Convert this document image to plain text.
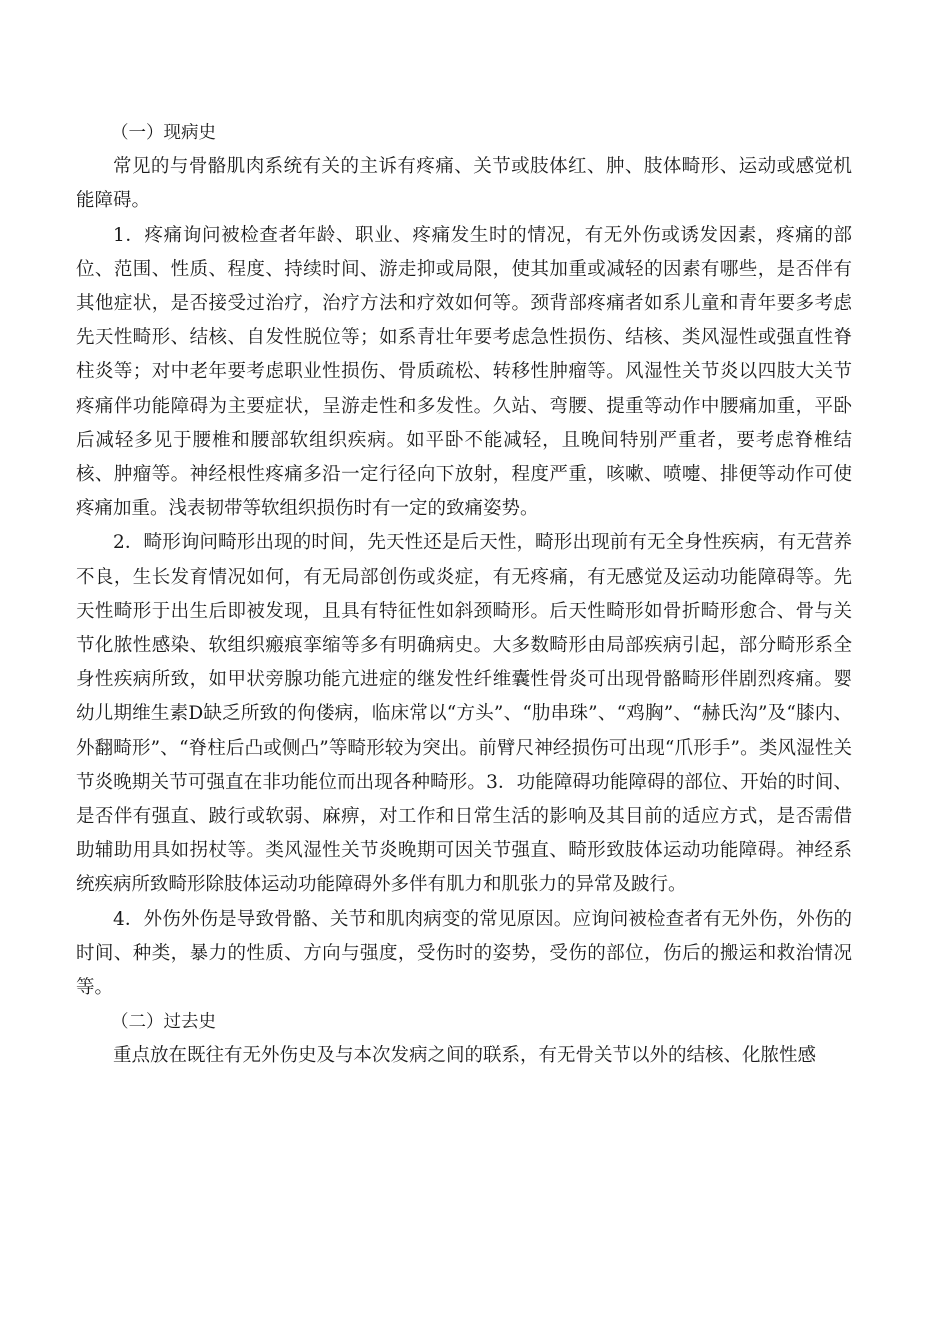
（一）现病史

常见的与骨骼肌肉系统有关的主诉有疼痛、关节或肢体红、肿、肢体畸形、运动或感觉机能障碍。

1．疼痛询问被检查者年龄、职业、疼痛发生时的情况，有无外伤或诱发因素，疼痛的部位、范围、性质、程度、持续时间、游走抑或局限，使其加重或减轻的因素有哪些，是否伴有其他症状，是否接受过治疗，治疗方法和疗效如何等。颈背部疼痛者如系儿童和青年要多考虑先天性畸形、结核、自发性脱位等；如系青壮年要考虑急性损伤、结核、类风湿性或强直性脊柱炎等；对中老年要考虑职业性损伤、骨质疏松、转移性肿瘤等。风湿性关节炎以四肢大关节疼痛伴功能障碍为主要症状，呈游走性和多发性。久站、弯腰、提重等动作中腰痛加重，平卧后减轻多见于腰椎和腰部软组织疾病。如平卧不能减轻，且晚间特别严重者，要考虑脊椎结核、肿瘤等。神经根性疼痛多沿一定行径向下放射，程度严重，咳嗽、喷嚏、排便等动作可使疼痛加重。浅表韧带等软组织损伤时有一定的致痛姿势。

2．畸形询问畸形出现的时间，先天性还是后天性，畸形出现前有无全身性疾病，有无营养不良，生长发育情况如何，有无局部创伤或炎症，有无疼痛，有无感觉及运动功能障碍等。先天性畸形于出生后即被发现，且具有特征性如斜颈畸形。后天性畸形如骨折畸形愈合、骨与关节化脓性感染、软组织瘢痕挛缩等多有明确病史。大多数畸形由局部疾病引起，部分畸形系全身性疾病所致，如甲状旁腺功能亢进症的继发性纤维囊性骨炎可出现骨骼畸形伴剧烈疼痛。婴幼儿期维生素D缺乏所致的佝偻病，临床常以“方头”、“肋串珠”、“鸡胸”、“赫氏沟”及“膝内、外翻畸形”、“脊柱后凸或侧凸”等畸形较为突出。前臂尺神经损伤可出现“爪形手”。类风湿性关节炎晚期关节可强直在非功能位而出现各种畸形。3．功能障碍功能障碍的部位、开始的时间、是否伴有强直、跛行或软弱、麻痹，对工作和日常生活的影响及其目前的适应方式，是否需借助辅助用具如拐杖等。类风湿性关节炎晚期可因关节强直、畸形致肢体运动功能障碍。神经系统疾病所致畸形除肢体运动功能障碍外多伴有肌力和肌张力的异常及跛行。

4．外伤外伤是导致骨骼、关节和肌肉病变的常见原因。应询问被检查者有无外伤，外伤的时间、种类，暴力的性质、方向与强度，受伤时的姿势，受伤的部位，伤后的搬运和救治情况等。

（二）过去史

重点放在既往有无外伤史及与本次发病之间的联系，有无骨关节以外的结核、化脓性感
